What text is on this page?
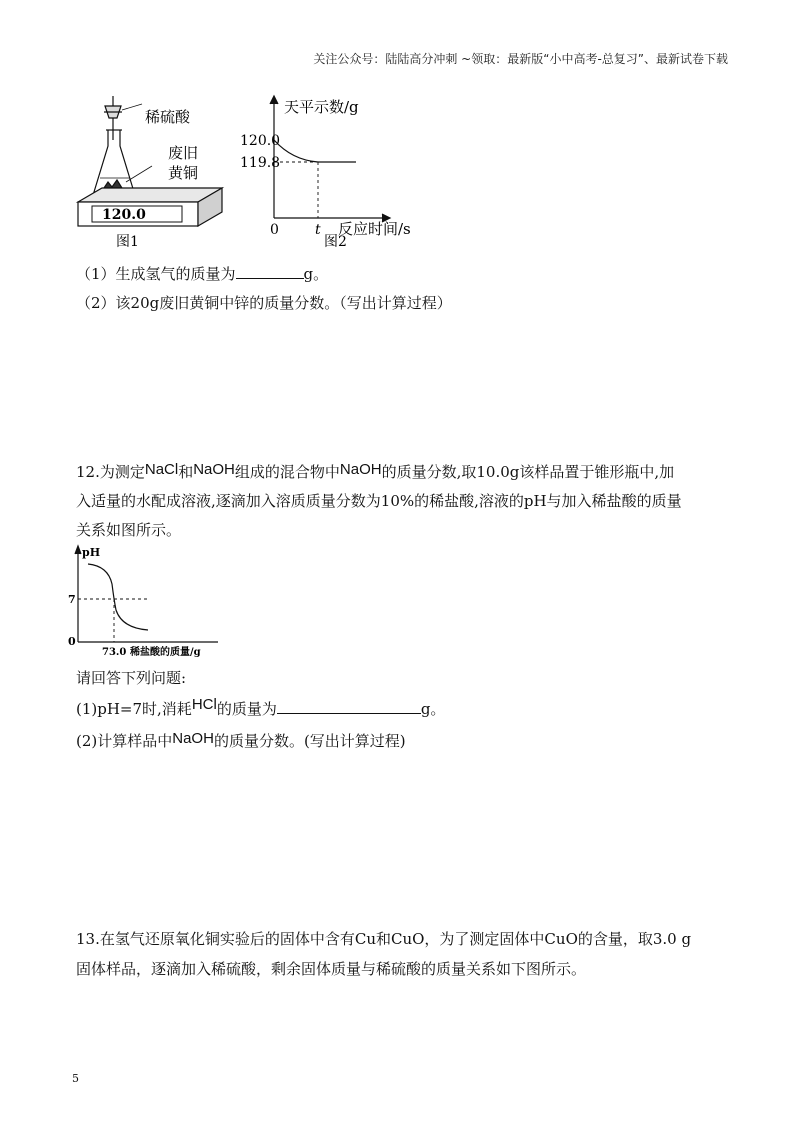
关注公众号：陆陆高分冲刺 ~领取：最新版“小中高考-总复习”、最新试卷下载
稀硫酸
废旧
黄铜
120.0
图1
天平示数/g
120.0
119.8
0	t 反应时间/s
图2
（1）生成氢气的质量为	g。
（2）该20g废旧黄铜中锌的质量分数。（写出计算过程）
12.为测定NaCl和NaOH组成的混合物中NaOH的质量分数,取10.0g该样品置于锥形瓶中,加
入适量的水配成溶液,逐滴加入溶质质量分数为10%的稀盐酸,溶液的pH与加入稀盐酸的质量
关系如图所示。
pH
7
0
73.0 稀盐酸的质量/g
请回答下列问题:
(1)pH=7时,消耗HCl的质量为	g。
(2)计算样品中NaOH的质量分数。(写出计算过程)
13.在氢气还原氧化铜实验后的固体中含有Cu和CuO，为了测定固体中CuO的含量，取3.0 g
固体样品，逐滴加入稀硫酸，剩余固体质量与稀硫酸的质量关系如下图所示。
5
